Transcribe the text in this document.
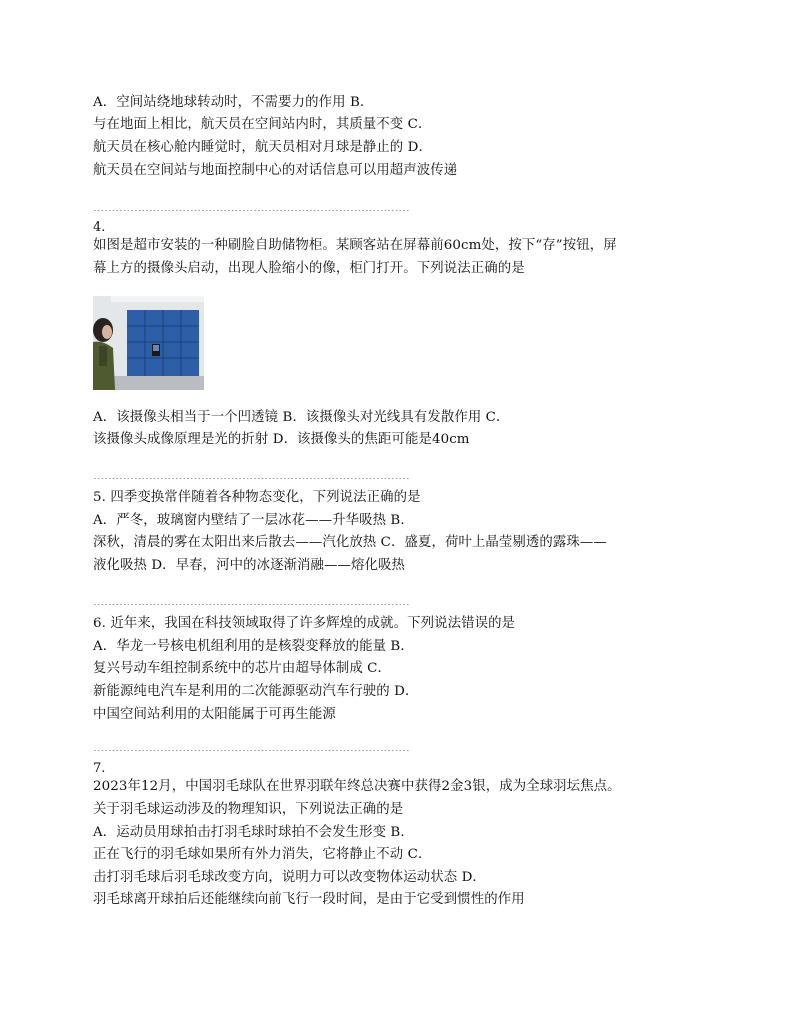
A．空间站绕地球转动时，不需要力的作用 B．
与在地面上相比，航天员在空间站内时，其质量不变 C．
航天员在核心舱内睡觉时，航天员相对月球是静止的 D．
航天员在空间站与地面控制中心的对话信息可以用超声波传递
-------------------------------------------------------------------------------------
4.
如图是超市安装的一种刷脸自助储物柜。某顾客站在屏幕前60cm处，按下“存”按钮，屏
幕上方的摄像头启动，出现人脸缩小的像，柜门打开。下列说法正确的是
A．该摄像头相当于一个凹透镜 B．该摄像头对光线具有发散作用 C．
该摄像头成像原理是光的折射 D．该摄像头的焦距可能是40cm
-------------------------------------------------------------------------------------
5. 四季变换常伴随着各种物态变化，下列说法正确的是
A．严冬，玻璃窗内壁结了一层冰花——升华吸热 B．
深秋，清晨的雾在太阳出来后散去——汽化放热 C．盛夏，荷叶上晶莹剔透的露珠——
液化吸热 D．早春，河中的冰逐渐消融——熔化吸热
-------------------------------------------------------------------------------------
6. 近年来，我国在科技领域取得了许多辉煌的成就。下列说法错误的是
A．华龙一号核电机组利用的是核裂变释放的能量 B．
复兴号动车组控制系统中的芯片由超导体制成 C．
新能源纯电汽车是利用的二次能源驱动汽车行驶的 D．
中国空间站利用的太阳能属于可再生能源
-------------------------------------------------------------------------------------
7.
2023年12月，中国羽毛球队在世界羽联年终总决赛中获得2金3银，成为全球羽坛焦点。
关于羽毛球运动涉及的物理知识，下列说法正确的是
A．运动员用球拍击打羽毛球时球拍不会发生形变 B．
正在飞行的羽毛球如果所有外力消失，它将静止不动 C．
击打羽毛球后羽毛球改变方向，说明力可以改变物体运动状态 D．
羽毛球离开球拍后还能继续向前飞行一段时间，是由于它受到惯性的作用
